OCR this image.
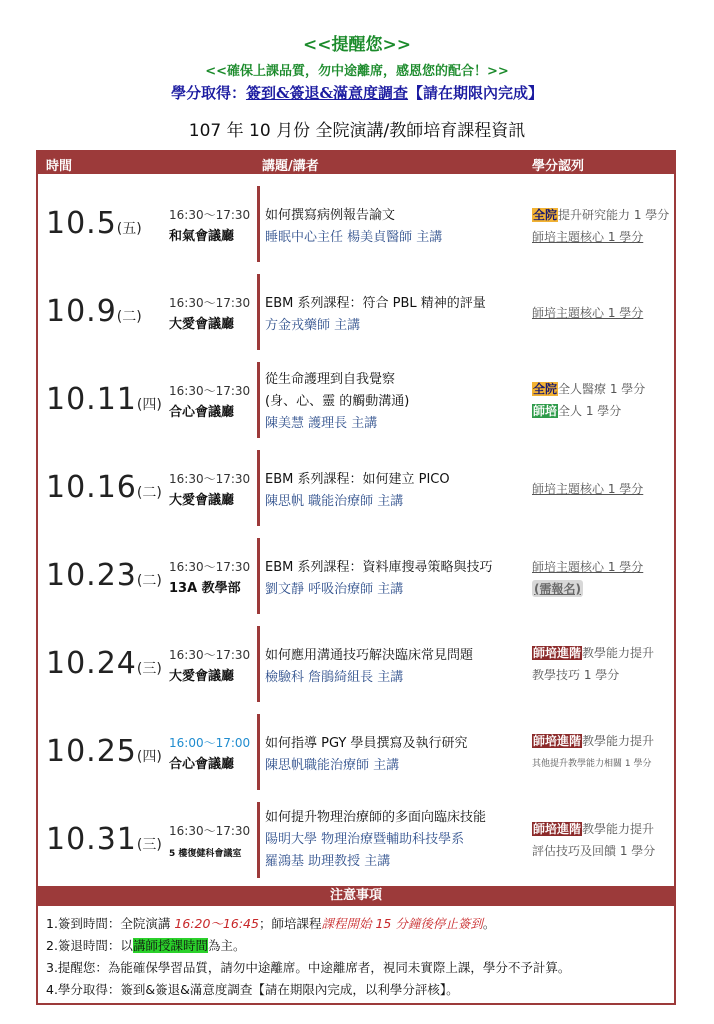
<<提醒您>>
<<確保上課品質，勿中途離席，感恩您的配合！>>
學分取得：簽到&簽退&滿意度調查【請在期限內完成】
107 年 10 月份 全院演講/教師培育課程資訊
時間	講題/講者	學分認列
10.5(五)
16:30～17:30
和氣會議廳
如何撰寫病例報告論文
睡眠中心主任 楊美貞醫師 主講
全院提升研究能力 1 學分
師培主題核心 1 學分
10.9(二)
16:30～17:30
大愛會議廳
EBM 系列課程：符合 PBL 精神的評量
方金戎藥師 主講
師培主題核心 1 學分
10.11(四)
16:30～17:30
合心會議廳
從生命護理到自我覺察
(身、心、靈 的觸動溝通)
陳美慧 護理長 主講
全院全人醫療 1 學分
師培全人 1 學分
10.16(二)
16:30～17:30
大愛會議廳
EBM 系列課程：如何建立 PICO
陳思帆 職能治療師 主講
師培主題核心 1 學分
10.23(二)
16:30～17:30
13A 教學部
EBM 系列課程：資料庫搜尋策略與技巧
劉文靜 呼吸治療師 主講
師培主題核心 1 學分
(需報名)
10.24(三)
16:30～17:30
大愛會議廳
如何應用溝通技巧解決臨床常見問題
檢驗科 詹鵑綺組長 主講
師培進階教學能力提升
教學技巧 1 學分
10.25(四)
16:00～17:00
合心會議廳
如何指導 PGY 學員撰寫及執行研究
陳思帆職能治療師 主講
師培進階教學能力提升
其他提升教學能力相關 1 學分
10.31(三)
16:30～17:30
5 樓復健科會議室
如何提升物理治療師的多面向臨床技能
陽明大學 物理治療暨輔助科技學系
羅鴻基 助理教授 主講
師培進階教學能力提升
評估技巧及回饋 1 學分
注意事項
1.簽到時間：全院演講 16:20～16:45；師培課程課程開始 15 分鐘後停止簽到。
2.簽退時間：以講師授課時間為主。
3.提醒您：為能確保學習品質，請勿中途離席。中途離席者，視同未實際上課，學分不予計算。
4.學分取得：簽到&簽退&滿意度調查【請在期限內完成，以利學分評核】。
